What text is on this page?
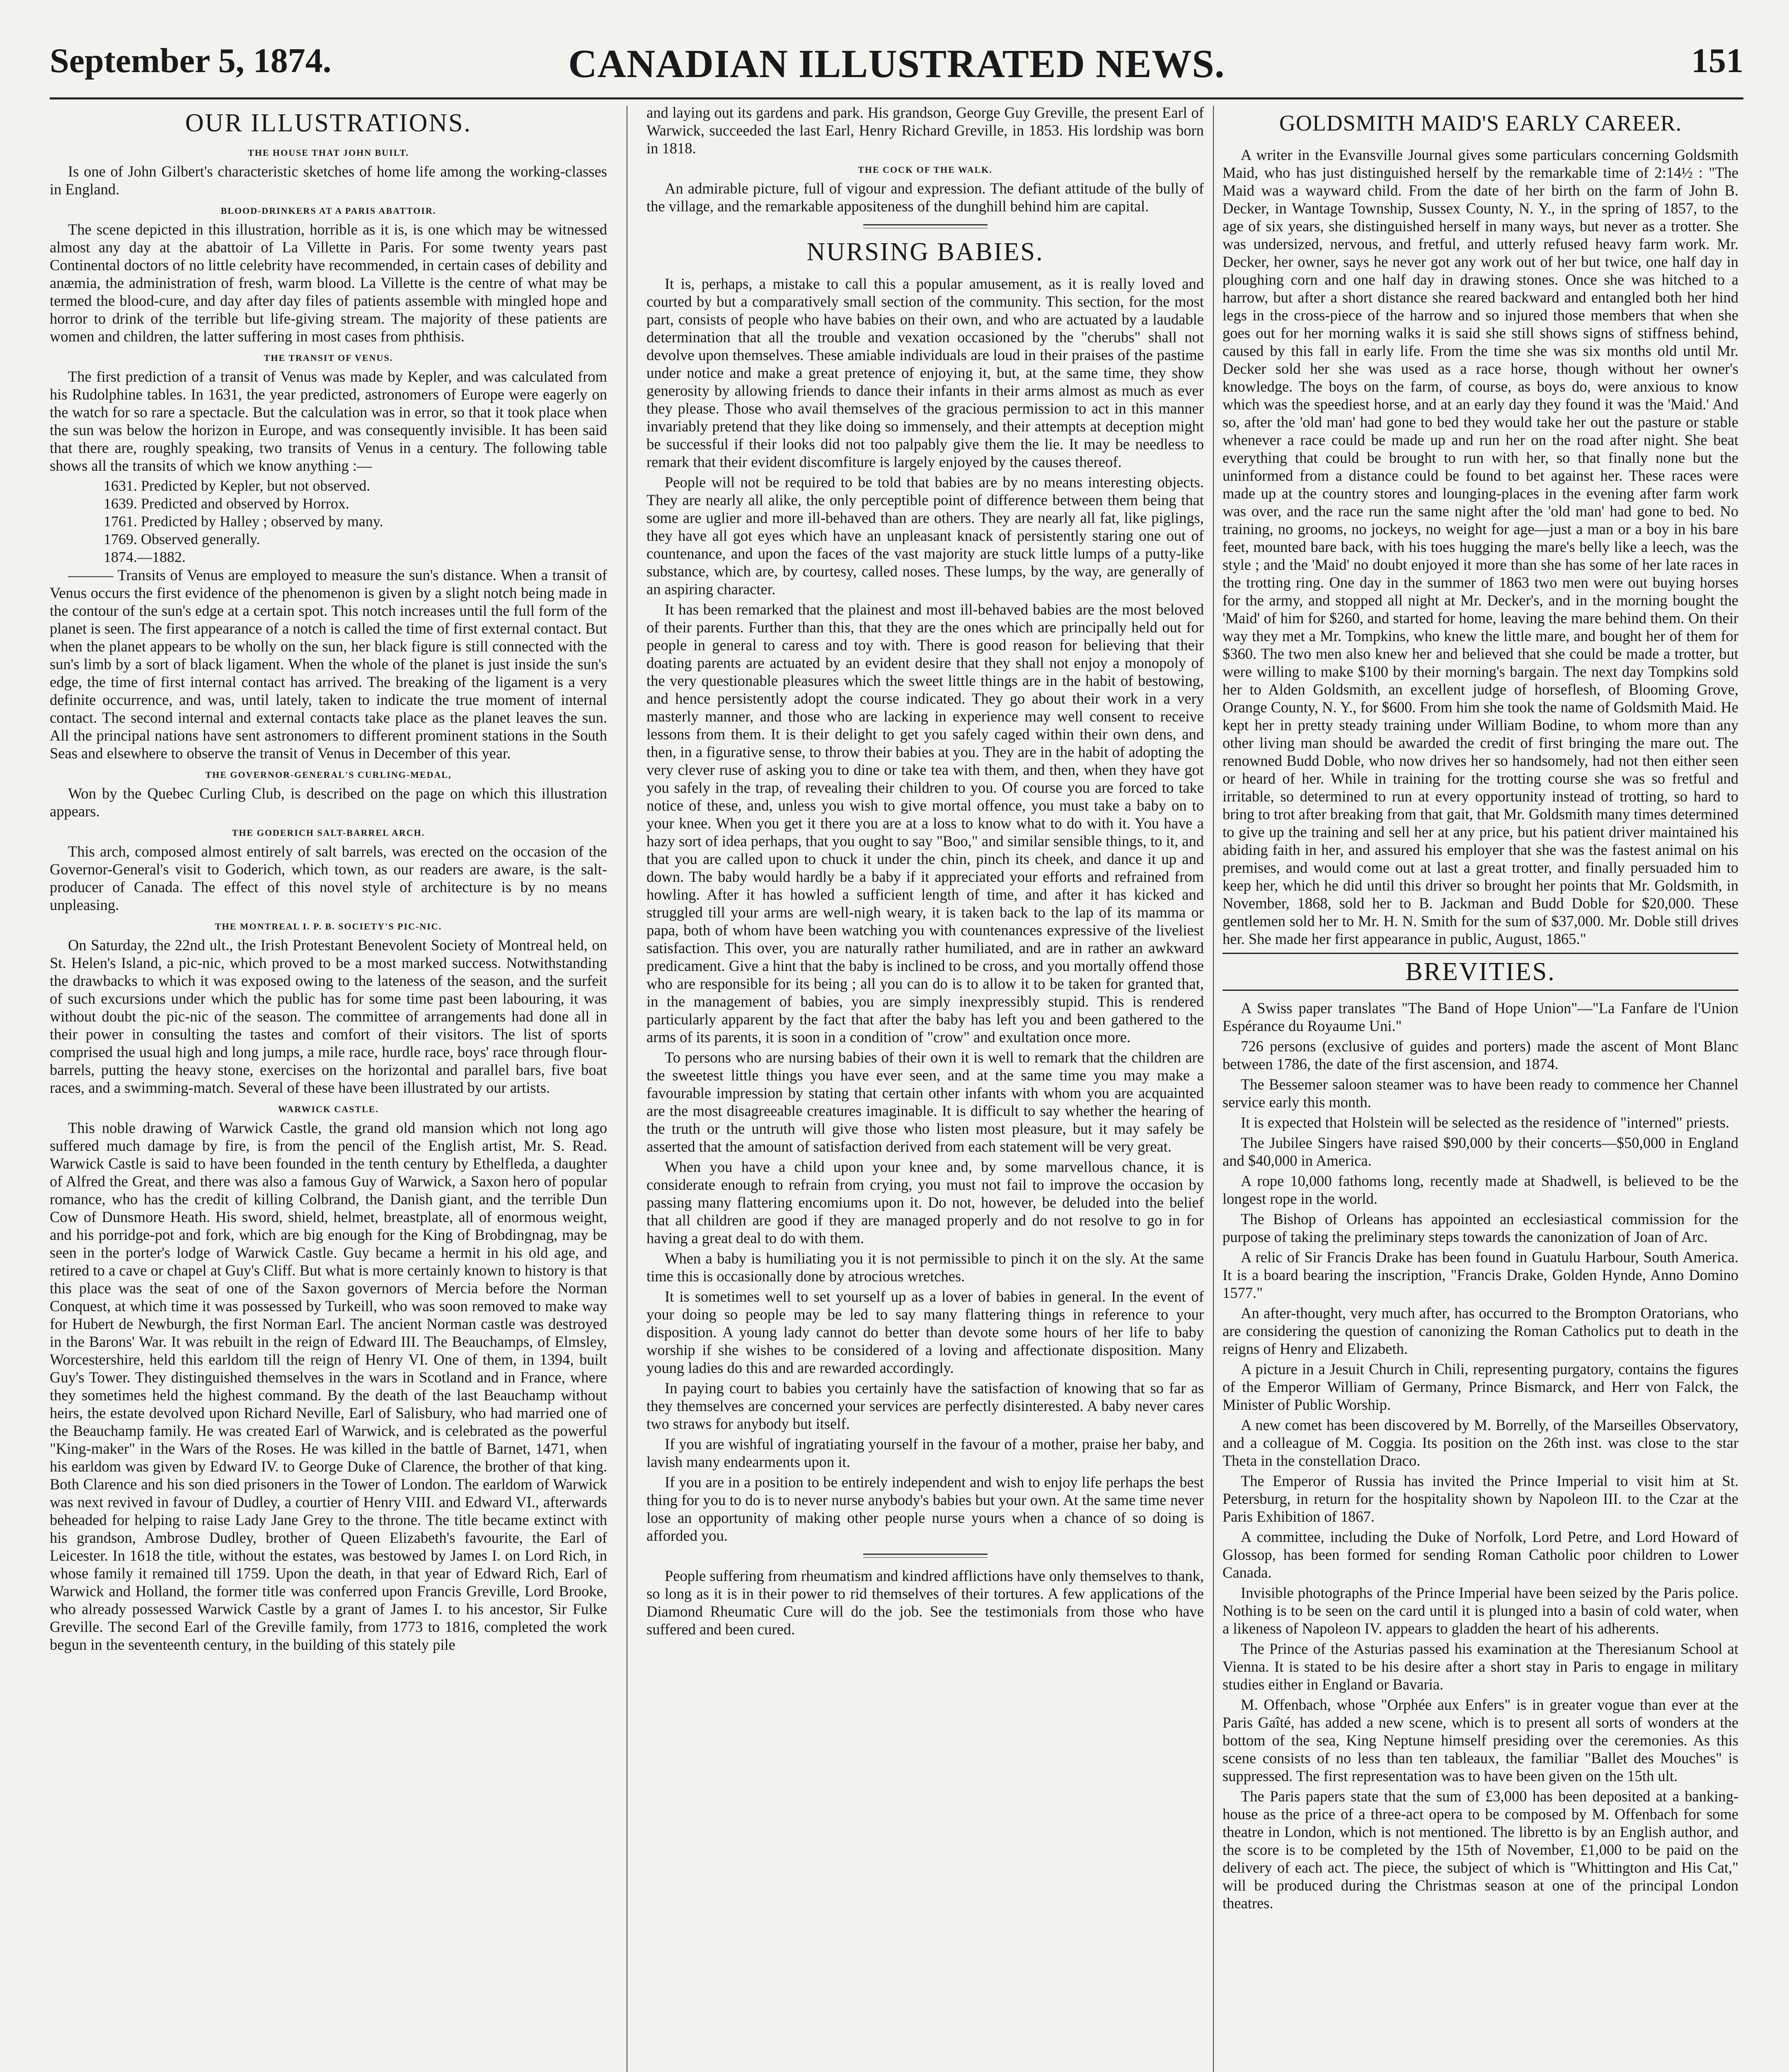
September 5, 1874.	CANADIAN ILLUSTRATED NEWS.	151
OUR ILLUSTRATIONS.
THE HOUSE THAT JOHN BUILT.

Is one of John Gilbert's characteristic sketches of home life among the working-classes in England.

BLOOD-DRINKERS AT A PARIS ABATTOIR.

The scene depicted in this illustration, horrible as it is, is one which may be witnessed almost any day at the abattoir of La Villette in Paris. For some twenty years past Continental doctors of no little celebrity have recommended, in certain cases of debility and anæmia, the administration of fresh, warm blood. La Villette is the centre of what may be termed the blood-cure, and day after day files of patients assemble with mingled hope and horror to drink of the terrible but life-giving stream. The majority of these patients are women and children, the latter suffering in most cases from phthisis.

THE TRANSIT OF VENUS.

The first prediction of a transit of Venus was made by Kepler, and was calculated from his Rudolphine tables. In 1631, the year predicted, astronomers of Europe were eagerly on the watch for so rare a spectacle. But the calculation was in error, so that it took place when the sun was below the horizon in Europe, and was consequently invisible. It has been said that there are, roughly speaking, two transits of Venus in a century. The following table shows all the transits of which we know anything :—

1631. Predicted by Kepler, but not observed.
1639. Predicted and observed by Horrox.
1761. Predicted by Halley ; observed by many.
1769. Observed generally.
1874.—1882.

——— Transits of Venus are employed to measure the sun's distance. When a transit of Venus occurs the first evidence of the phenomenon is given by a slight notch being made in the contour of the sun's edge at a certain spot. This notch increases until the full form of the planet is seen. The first appearance of a notch is called the time of first external contact. But when the planet appears to be wholly on the sun, her black figure is still connected with the sun's limb by a sort of black ligament. When the whole of the planet is just inside the sun's edge, the time of first internal contact has arrived. The breaking of the ligament is a very definite occurrence, and was, until lately, taken to indicate the true moment of internal contact. The second internal and external contacts take place as the planet leaves the sun. All the principal nations have sent astronomers to different prominent stations in the South Seas and elsewhere to observe the transit of Venus in December of this year.

THE GOVERNOR-GENERAL'S CURLING-MEDAL,

Won by the Quebec Curling Club, is described on the page on which this illustration appears.

THE GODERICH SALT-BARREL ARCH.

This arch, composed almost entirely of salt barrels, was erected on the occasion of the Governor-General's visit to Goderich, which town, as our readers are aware, is the salt-producer of Canada. The effect of this novel style of architecture is by no means unpleasing.

THE MONTREAL I. P. B. SOCIETY'S PIC-NIC.

On Saturday, the 22nd ult., the Irish Protestant Benevolent Society of Montreal held, on St. Helen's Island, a pic-nic, which proved to be a most marked success. Notwithstanding the drawbacks to which it was exposed owing to the lateness of the season, and the surfeit of such excursions under which the public has for some time past been labouring, it was without doubt the pic-nic of the season. The committee of arrangements had done all in their power in consulting the tastes and comfort of their visitors. The list of sports comprised the usual high and long jumps, a mile race, hurdle race, boys' race through flour-barrels, putting the heavy stone, exercises on the horizontal and parallel bars, five boat races, and a swimming-match. Several of these have been illustrated by our artists.

WARWICK CASTLE.

This noble drawing of Warwick Castle, the grand old mansion which not long ago suffered much damage by fire, is from the pencil of the English artist, Mr. S. Read. Warwick Castle is said to have been founded in the tenth century by Ethelfleda, a daughter of Alfred the Great, and there was also a famous Guy of Warwick, a Saxon hero of popular romance, who has the credit of killing Colbrand, the Danish giant, and the terrible Dun Cow of Dunsmore Heath. His sword, shield, helmet, breastplate, all of enormous weight, and his porridge-pot and fork, which are big enough for the King of Brobdingnag, may be seen in the porter's lodge of Warwick Castle. Guy became a hermit in his old age, and retired to a cave or chapel at Guy's Cliff. But what is more certainly known to history is that this place was the seat of one of the Saxon governors of Mercia before the Norman Conquest, at which time it was possessed by Turkeill, who was soon removed to make way for Hubert de Newburgh, the first Norman Earl. The ancient Norman castle was destroyed in the Barons' War. It was rebuilt in the reign of Edward III. The Beauchamps, of Elmsley, Worcestershire, held this earldom till the reign of Henry VI. One of them, in 1394, built Guy's Tower. They distinguished themselves in the wars in Scotland and in France, where they sometimes held the highest command. By the death of the last Beauchamp without heirs, the estate devolved upon Richard Neville, Earl of Salisbury, who had married one of the Beauchamp family. He was created Earl of Warwick, and is celebrated as the powerful "King-maker" in the Wars of the Roses. He was killed in the battle of Barnet, 1471, when his earldom was given by Edward IV. to George Duke of Clarence, the brother of that king. Both Clarence and his son died prisoners in the Tower of London. The earldom of Warwick was next revived in favour of Dudley, a courtier of Henry VIII. and Edward VI., afterwards beheaded for helping to raise Lady Jane Grey to the throne. The title became extinct with his grandson, Ambrose Dudley, brother of Queen Elizabeth's favourite, the Earl of Leicester. In 1618 the title, without the estates, was bestowed by James I. on Lord Rich, in whose family it remained till 1759. Upon the death, in that year of Edward Rich, Earl of Warwick and Holland, the former title was conferred upon Francis Greville, Lord Brooke, who already possessed Warwick Castle by a grant of James I. to his ancestor, Sir Fulke Greville. The second Earl of the Greville family, from 1773 to 1816, completed the work begun in the seventeenth century, in the building of this stately pile

and laying out its gardens and park. His grandson, George Guy Greville, the present Earl of Warwick, succeeded the last Earl, Henry Richard Greville, in 1853. His lordship was born in 1818.

THE COCK OF THE WALK.

An admirable picture, full of vigour and expression. The defiant attitude of the bully of the village, and the remarkable appositeness of the dunghill behind him are capital.

NURSING BABIES.

It is, perhaps, a mistake to call this a popular amusement, as it is really loved and courted by but a comparatively small section of the community. This section, for the most part, consists of people who have babies on their own, and who are actuated by a laudable determination that all the trouble and vexation occasioned by the "cherubs" shall not devolve upon themselves. These amiable individuals are loud in their praises of the pastime under notice and make a great pretence of enjoying it, but, at the same time, they show generosity by allowing friends to dance their infants in their arms almost as much as ever they please. Those who avail themselves of the gracious permission to act in this manner invariably pretend that they like doing so immensely, and their attempts at deception might be successful if their looks did not too palpably give them the lie. It may be needless to remark that their evident discomfiture is largely enjoyed by the causes thereof.

People will not be required to be told that babies are by no means interesting objects. They are nearly all alike, the only perceptible point of difference between them being that some are uglier and more ill-behaved than are others. They are nearly all fat, like piglings, they have all got eyes which have an unpleasant knack of persistently staring one out of countenance, and upon the faces of the vast majority are stuck little lumps of a putty-like substance, which are, by courtesy, called noses. These lumps, by the way, are generally of an aspiring character.

It has been remarked that the plainest and most ill-behaved babies are the most beloved of their parents. Further than this, that they are the ones which are principally held out for people in general to caress and toy with. There is good reason for believing that their doating parents are actuated by an evident desire that they shall not enjoy a monopoly of the very questionable pleasures which the sweet little things are in the habit of bestowing, and hence persistently adopt the course indicated. They go about their work in a very masterly manner, and those who are lacking in experience may well consent to receive lessons from them. It is their delight to get you safely caged within their own dens, and then, in a figurative sense, to throw their babies at you. They are in the habit of adopting the very clever ruse of asking you to dine or take tea with them, and then, when they have got you safely in the trap, of revealing their children to you. Of course you are forced to take notice of these, and, unless you wish to give mortal offence, you must take a baby on to your knee. When you get it there you are at a loss to know what to do with it. You have a hazy sort of idea perhaps, that you ought to say "Boo," and similar sensible things, to it, and that you are called upon to chuck it under the chin, pinch its cheek, and dance it up and down. The baby would hardly be a baby if it appreciated your efforts and refrained from howling. After it has howled a sufficient length of time, and after it has kicked and struggled till your arms are well-nigh weary, it is taken back to the lap of its mamma or papa, both of whom have been watching you with countenances expressive of the liveliest satisfaction. This over, you are naturally rather humiliated, and are in rather an awkward predicament. Give a hint that the baby is inclined to be cross, and you mortally offend those who are responsible for its being ; all you can do is to allow it to be taken for granted that, in the management of babies, you are simply inexpressibly stupid. This is rendered particularly apparent by the fact that after the baby has left you and been gathered to the arms of its parents, it is soon in a condition of "crow" and exultation once more.

To persons who are nursing babies of their own it is well to remark that the children are the sweetest little things you have ever seen, and at the same time you may make a favourable impression by stating that certain other infants with whom you are acquainted are the most disagreeable creatures imaginable. It is difficult to say whether the hearing of the truth or the untruth will give those who listen most pleasure, but it may safely be asserted that the amount of satisfaction derived from each statement will be very great.

When you have a child upon your knee and, by some marvellous chance, it is considerate enough to refrain from crying, you must not fail to improve the occasion by passing many flattering encomiums upon it. Do not, however, be deluded into the belief that all children are good if they are managed properly and do not resolve to go in for having a great deal to do with them.

When a baby is humiliating you it is not permissible to pinch it on the sly. At the same time this is occasionally done by atrocious wretches.

It is sometimes well to set yourself up as a lover of babies in general. In the event of your doing so people may be led to say many flattering things in reference to your disposition. A young lady cannot do better than devote some hours of her life to baby worship if she wishes to be considered of a loving and affectionate disposition. Many young ladies do this and are rewarded accordingly.

In paying court to babies you certainly have the satisfaction of knowing that so far as they themselves are concerned your services are perfectly disinterested. A baby never cares two straws for anybody but itself.

If you are wishful of ingratiating yourself in the favour of a mother, praise her baby, and lavish many endearments upon it.

If you are in a position to be entirely independent and wish to enjoy life perhaps the best thing for you to do is to never nurse anybody's babies but your own. At the same time never lose an opportunity of making other people nurse yours when a chance of so doing is afforded you.

People suffering from rheumatism and kindred afflictions have only themselves to thank, so long as it is in their power to rid themselves of their tortures. A few applications of the Diamond Rheumatic Cure will do the job. See the testimonials from those who have suffered and been cured.

GOLDSMITH MAID'S EARLY CAREER.

A writer in the Evansville Journal gives some particulars concerning Goldsmith Maid, who has just distinguished herself by the remarkable time of 2:14½ : "The Maid was a wayward child. From the date of her birth on the farm of John B. Decker, in Wantage Township, Sussex County, N. Y., in the spring of 1857, to the age of six years, she distinguished herself in many ways, but never as a trotter. She was undersized, nervous, and fretful, and utterly refused heavy farm work. Mr. Decker, her owner, says he never got any work out of her but twice, one half day in ploughing corn and one half day in drawing stones. Once she was hitched to a harrow, but after a short distance she reared backward and entangled both her hind legs in the cross-piece of the harrow and so injured those members that when she goes out for her morning walks it is said she still shows signs of stiffness behind, caused by this fall in early life. From the time she was six months old until Mr. Decker sold her she was used as a race horse, though without her owner's knowledge. The boys on the farm, of course, as boys do, were anxious to know which was the speediest horse, and at an early day they found it was the 'Maid.' And so, after the 'old man' had gone to bed they would take her out the pasture or stable whenever a race could be made up and run her on the road after night. She beat everything that could be brought to run with her, so that finally none but the uninformed from a distance could be found to bet against her. These races were made up at the country stores and lounging-places in the evening after farm work was over, and the race run the same night after the 'old man' had gone to bed. No training, no grooms, no jockeys, no weight for age—just a man or a boy in his bare feet, mounted bare back, with his toes hugging the mare's belly like a leech, was the style ; and the 'Maid' no doubt enjoyed it more than she has some of her late races in the trotting ring. One day in the summer of 1863 two men were out buying horses for the army, and stopped all night at Mr. Decker's, and in the morning bought the 'Maid' of him for $260, and started for home, leaving the mare behind them. On their way they met a Mr. Tompkins, who knew the little mare, and bought her of them for $360. The two men also knew her and believed that she could be made a trotter, but were willing to make $100 by their morning's bargain. The next day Tompkins sold her to Alden Goldsmith, an excellent judge of horseflesh, of Blooming Grove, Orange County, N. Y., for $600. From him she took the name of Goldsmith Maid. He kept her in pretty steady training under William Bodine, to whom more than any other living man should be awarded the credit of first bringing the mare out. The renowned Budd Doble, who now drives her so handsomely, had not then either seen or heard of her. While in training for the trotting course she was so fretful and irritable, so determined to run at every opportunity instead of trotting, so hard to bring to trot after breaking from that gait, that Mr. Goldsmith many times determined to give up the training and sell her at any price, but his patient driver maintained his abiding faith in her, and assured his employer that she was the fastest animal on his premises, and would come out at last a great trotter, and finally persuaded him to keep her, which he did until this driver so brought her points that Mr. Goldsmith, in November, 1868, sold her to B. Jackman and Budd Doble for $20,000. These gentlemen sold her to Mr. H. N. Smith for the sum of $37,000. Mr. Doble still drives her. She made her first appearance in public, August, 1865."

BREVITIES.

A Swiss paper translates "The Band of Hope Union"—"La Fanfare de l'Union Espérance du Royaume Uni."

726 persons (exclusive of guides and porters) made the ascent of Mont Blanc between 1786, the date of the first ascension, and 1874.

The Bessemer saloon steamer was to have been ready to commence her Channel service early this month.

It is expected that Holstein will be selected as the residence of "interned" priests.

The Jubilee Singers have raised $90,000 by their concerts—$50,000 in England and $40,000 in America.

A rope 10,000 fathoms long, recently made at Shadwell, is believed to be the longest rope in the world.

The Bishop of Orleans has appointed an ecclesiastical commission for the purpose of taking the preliminary steps towards the canonization of Joan of Arc.

A relic of Sir Francis Drake has been found in Guatulu Harbour, South America. It is a board bearing the inscription, "Francis Drake, Golden Hynde, Anno Domino 1577."

An after-thought, very much after, has occurred to the Brompton Oratorians, who are considering the question of canonizing the Roman Catholics put to death in the reigns of Henry and Elizabeth.

A picture in a Jesuit Church in Chili, representing purgatory, contains the figures of the Emperor William of Germany, Prince Bismarck, and Herr von Falck, the Minister of Public Worship.

A new comet has been discovered by M. Borrelly, of the Marseilles Observatory, and a colleague of M. Coggia. Its position on the 26th inst. was close to the star Theta in the constellation Draco.

The Emperor of Russia has invited the Prince Imperial to visit him at St. Petersburg, in return for the hospitality shown by Napoleon III. to the Czar at the Paris Exhibition of 1867.

A committee, including the Duke of Norfolk, Lord Petre, and Lord Howard of Glossop, has been formed for sending Roman Catholic poor children to Lower Canada.

Invisible photographs of the Prince Imperial have been seized by the Paris police. Nothing is to be seen on the card until it is plunged into a basin of cold water, when a likeness of Napoleon IV. appears to gladden the heart of his adherents.

The Prince of the Asturias passed his examination at the Theresianum School at Vienna. It is stated to be his desire after a short stay in Paris to engage in military studies either in England or Bavaria.

M. Offenbach, whose "Orphée aux Enfers" is in greater vogue than ever at the Paris Gaîté, has added a new scene, which is to present all sorts of wonders at the bottom of the sea, King Neptune himself presiding over the ceremonies. As this scene consists of no less than ten tableaux, the familiar "Ballet des Mouches" is suppressed. The first representation was to have been given on the 15th ult.

The Paris papers state that the sum of £3,000 has been deposited at a banking-house as the price of a three-act opera to be composed by M. Offenbach for some theatre in London, which is not mentioned. The libretto is by an English author, and the score is to be completed by the 15th of November, £1,000 to be paid on the delivery of each act. The piece, the subject of which is "Whittington and His Cat," will be produced during the Christmas season at one of the principal London theatres.
